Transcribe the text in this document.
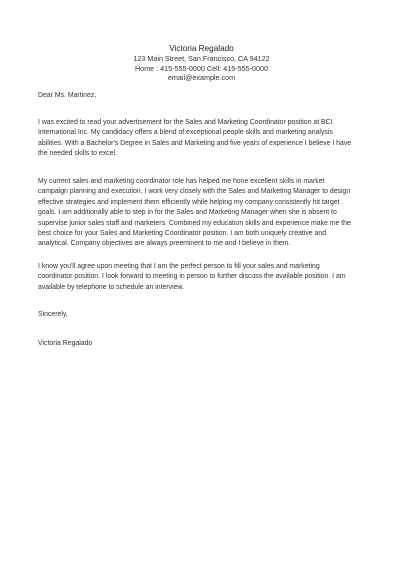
Victoria Regalado
123 Main Street, San Francisco, CA 94122
Home : 415-555-0000 Cell: 415-555-0000
email@example.com

Dear Ms. Martinez,

I was excited to read your advertisement for the Sales and Marketing Coordinator position at BCI

International Inc. My candidacy offers a blend of exceptional people skills and marketing analysis

abilities. With a Bachelor's Degree in Sales and Marketing and five years of experience I believe I have

the needed skills to excel.

My current sales and marketing coordinator role has helped me hone excellent skills in market

campaign planning and execution. I work very closely with the Sales and Marketing Manager to design

effective strategies and implement them efficiently while helping my company consistently hit target

goals. I am additionally able to step in for the Sales and Marketing Manager when she is absent to

supervise junior sales staff and marketers. Combined my education skills and experience make me the

best choice for your Sales and Marketing Coordinator position. I am both uniquely creative and

analytical. Company objectives are always preeminent to me and I believe in them.

I know you'll agree upon meeting that I am the perfect person to fill your sales and marketing

coordinator position. I look forward to meeting in person to further discuss the available position. I am

available by telephone to schedule an interview.

Sincerely,

Victoria Regalado
